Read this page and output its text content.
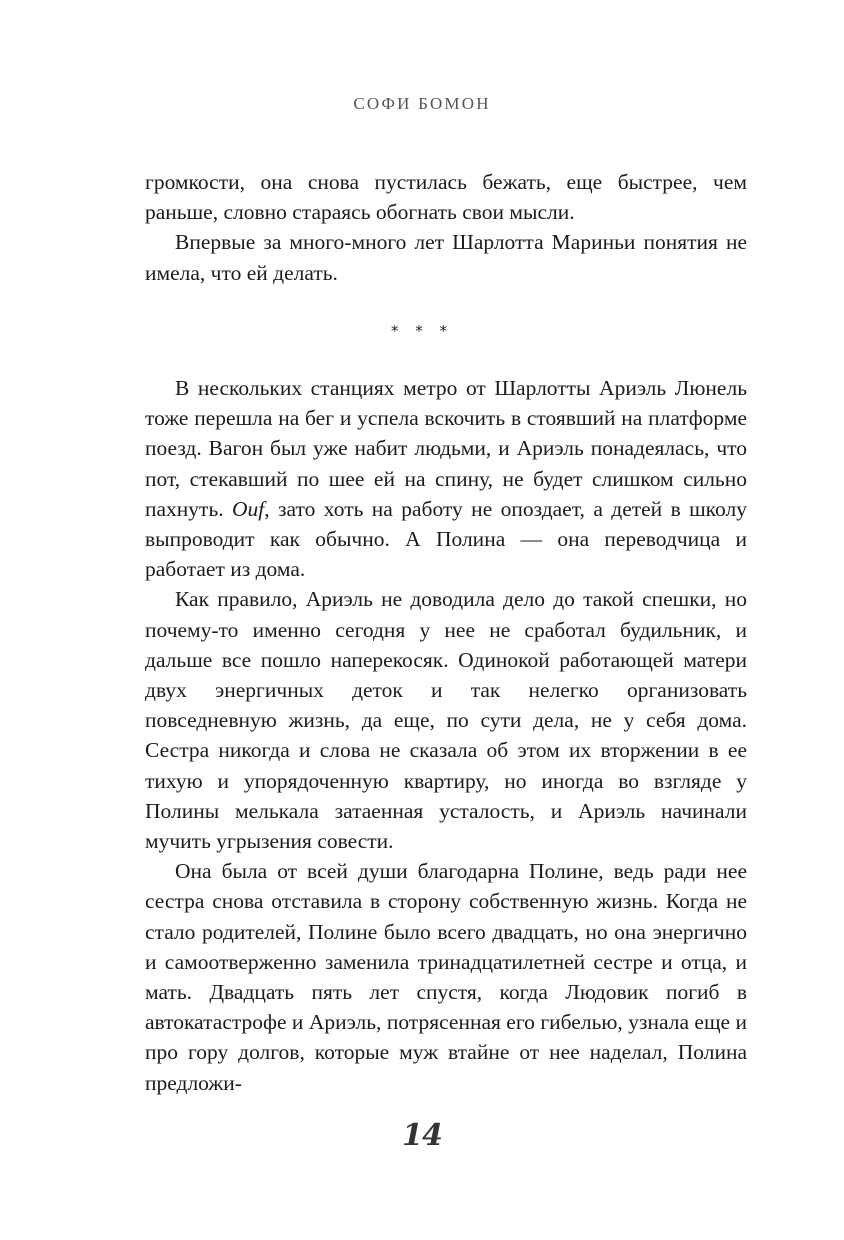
СОФИ БОМОН

громкости, она снова пустилась бежать, еще быстрее, чем раньше, словно стараясь обогнать свои мысли.

Впервые за много-много лет Шарлотта Мариньи понятия не имела, что ей делать.

* * *

В нескольких станциях метро от Шарлотты Ариэль Люнель тоже перешла на бег и успела вскочить в стоявший на платформе поезд. Вагон был уже набит людьми, и Ариэль понадеялась, что пот, стекавший по шее ей на спину, не будет слишком сильно пахнуть. Ouf, зато хоть на работу не опоздает, а детей в школу выпроводит как обычно. А Полина — она переводчица и работает из дома.

Как правило, Ариэль не доводила дело до такой спешки, но почему-то именно сегодня у нее не сработал будильник, и дальше все пошло наперекосяк. Одинокой работающей матери двух энергичных деток и так нелегко организовать повседневную жизнь, да еще, по сути дела, не у себя дома. Сестра никогда и слова не сказала об этом их вторжении в ее тихую и упорядоченную квартиру, но иногда во взгляде у Полины мелькала затаенная усталость, и Ариэль начинали мучить угрызения совести.

Она была от всей души благодарна Полине, ведь ради нее сестра снова отставила в сторону собственную жизнь. Когда не стало родителей, Полине было всего двадцать, но она энергично и самоотверженно заменила тринадцатилетней сестре и отца, и мать. Двадцать пять лет спустя, когда Людовик погиб в автокатастрофе и Ариэль, потрясенная его гибелью, узнала еще и про гору долгов, которые муж втайне от нее наделал, Полина предложи-

14
